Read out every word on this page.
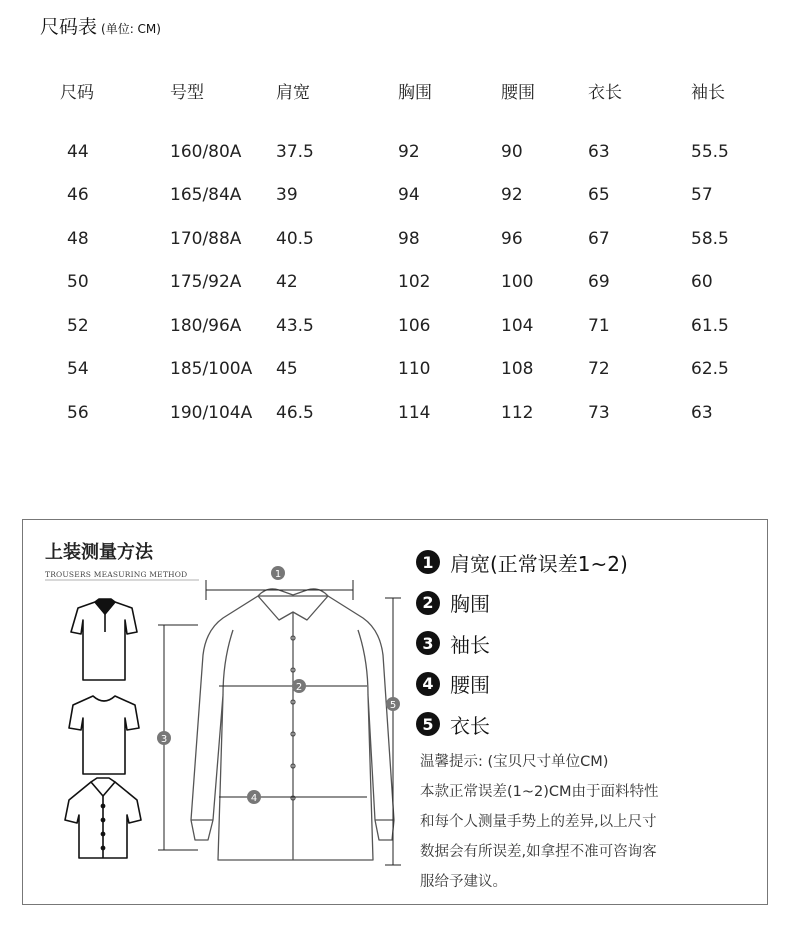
尺码表 (单位: CM)
尺码	号型	肩宽	胸围	腰围	衣长	袖长

44	160/80A	37.5	92	90	63	55.5
46	165/84A	39	94	92	65	57
48	170/88A	40.5	98	96	67	58.5
50	175/92A	42	102	100	69	60
52	180/96A	43.5	106	104	71	61.5
54	185/100A	45	110	108	72	62.5
56	190/104A	46.5	114	112	73	63
上装测量方法
TROUSERS MEASURING METHOD	1
2
3
4
5
1 肩宽(正常误差1~2)
2 胸围
3 袖长
4 腰围
5 衣长
温馨提示: (宝贝尺寸单位CM)
本款正常误差(1~2)CM由于面料特性
和每个人测量手势上的差异,以上尺寸
数据会有所误差,如拿捏不准可咨询客
服给予建议。
